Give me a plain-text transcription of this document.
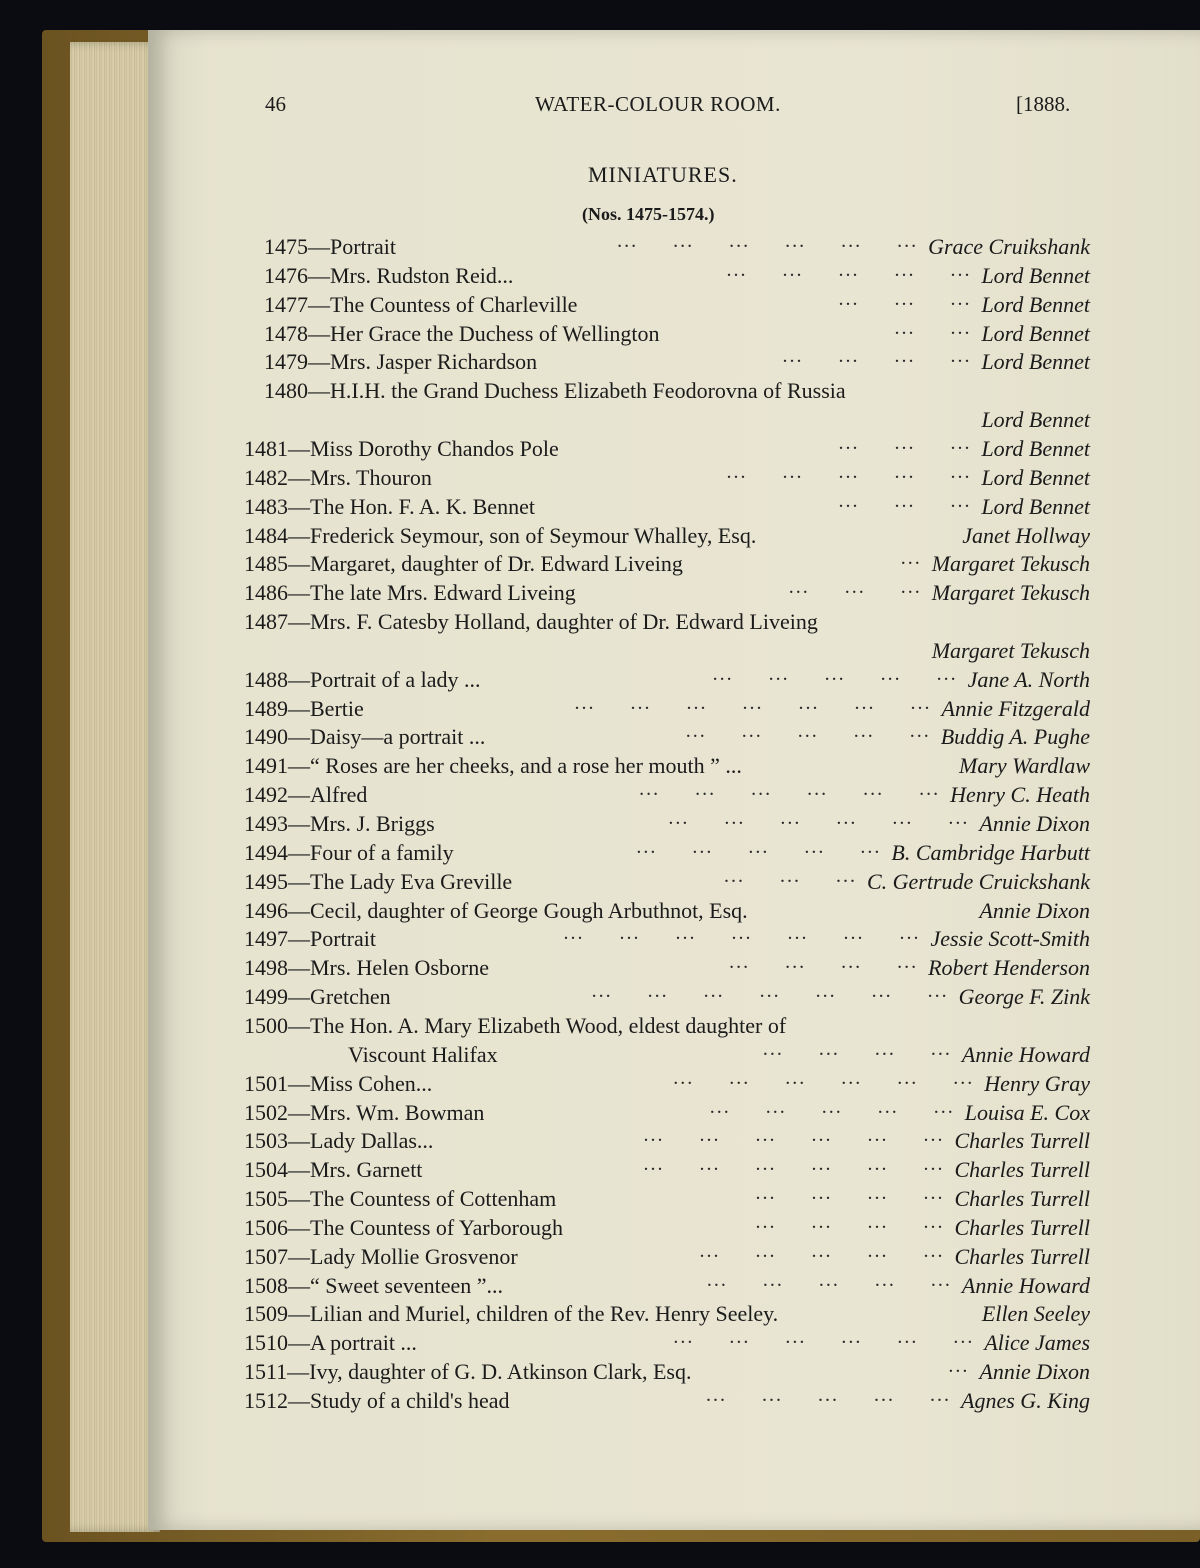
46	WATER-COLOUR ROOM.	[1888.
MINIATURES.
(Nos. 1475-1574.)
1475—Portrait	Grace Cruikshank
...     ...     ...     ...     ...     ...
1476—Mrs. Rudston Reid...	Lord Bennet
...     ...     ...     ...     ...
1477—The Countess of Charleville	Lord Bennet
...     ...     ...
1478—Her Grace the Duchess of Wellington	Lord Bennet
...     ...
1479—Mrs. Jasper Richardson	Lord Bennet
...     ...     ...     ...
1480—H.I.H. the Grand Duchess Elizabeth Feodorovna of Russia
Lord Bennet
1481—Miss Dorothy Chandos Pole	Lord Bennet
...     ...     ...
1482—Mrs. Thouron	Lord Bennet
...     ...     ...     ...     ...
1483—The Hon. F. A. K. Bennet	Lord Bennet
...     ...     ...
1484—Frederick Seymour, son of Seymour Whalley, Esq.	Janet Hollway
1485—Margaret, daughter of Dr. Edward Liveing	Margaret Tekusch
...
1486—The late Mrs. Edward Liveing	Margaret Tekusch
...     ...     ...
1487—Mrs. F. Catesby Holland, daughter of Dr. Edward Liveing
Margaret Tekusch
1488—Portrait of a lady ...	Jane A. North
...     ...     ...     ...     ...
1489—Bertie	Annie Fitzgerald
...     ...     ...     ...     ...     ...     ...
1490—Daisy—a portrait ...	Buddig A. Pughe
...     ...     ...     ...     ...
1491—“ Roses are her cheeks, and a rose her mouth ” ...	Mary Wardlaw
1492—Alfred	Henry C. Heath
...     ...     ...     ...     ...     ...
1493—Mrs. J. Briggs	Annie Dixon
...     ...     ...     ...     ...     ...
1494—Four of a family	B. Cambridge Harbutt
...     ...     ...     ...     ...
1495—The Lady Eva Greville	C. Gertrude Cruickshank
...     ...     ...
1496—Cecil, daughter of George Gough Arbuthnot, Esq.	Annie Dixon
1497—Portrait	Jessie Scott-Smith
...     ...     ...     ...     ...     ...     ...
1498—Mrs. Helen Osborne	Robert Henderson
...     ...     ...     ...
1499—Gretchen	George F. Zink
...     ...     ...     ...     ...     ...     ...
1500—The Hon. A. Mary Elizabeth Wood, eldest daughter of
Viscount Halifax	Annie Howard
...     ...     ...     ...
1501—Miss Cohen...	Henry Gray
...     ...     ...     ...     ...     ...
1502—Mrs. Wm. Bowman	Louisa E. Cox
...     ...     ...     ...     ...
1503—Lady Dallas...	Charles Turrell
...     ...     ...     ...     ...     ...
1504—Mrs. Garnett	Charles Turrell
...     ...     ...     ...     ...     ...
1505—The Countess of Cottenham	Charles Turrell
...     ...     ...     ...
1506—The Countess of Yarborough	Charles Turrell
...     ...     ...     ...
1507—Lady Mollie Grosvenor	Charles Turrell
...     ...     ...     ...     ...
1508—“ Sweet seventeen ”...	Annie Howard
...     ...     ...     ...     ...
1509—Lilian and Muriel, children of the Rev. Henry Seeley.	Ellen Seeley
1510—A portrait ...	Alice James
...     ...     ...     ...     ...     ...
1511—Ivy, daughter of G. D. Atkinson Clark, Esq.	Annie Dixon
...
1512—Study of a child's head	Agnes G. King
...     ...     ...     ...     ...
